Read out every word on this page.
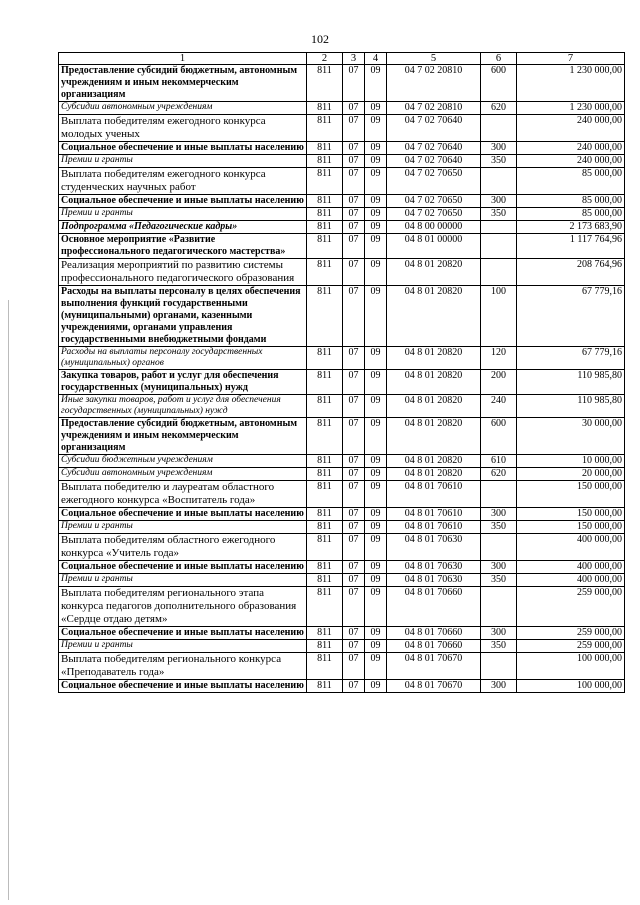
102
1	2	3	4	5	6	7
Предоставление субсидий бюджетным, автономным учреждениям и иным некоммерческим организациям	811	07	09	04 7 02 20810	600	1 230 000,00
Субсидии автономным учреждениям	811	07	09	04 7 02 20810	620	1 230 000,00
Выплата победителям ежегодного конкурса молодых ученых	811	07	09	04 7 02 70640		240 000,00
Социальное обеспечение и иные выплаты населению	811	07	09	04 7 02 70640	300	240 000,00
Премии и гранты	811	07	09	04 7 02 70640	350	240 000,00
Выплата победителям ежегодного конкурса студенческих научных работ	811	07	09	04 7 02 70650		85 000,00
Социальное обеспечение и иные выплаты населению	811	07	09	04 7 02 70650	300	85 000,00
Премии и гранты	811	07	09	04 7 02 70650	350	85 000,00
Подпрограмма «Педагогические кадры»	811	07	09	04 8 00 00000		2 173 683,90
Основное мероприятие «Развитие профессионального педагогического мастерства»	811	07	09	04 8 01 00000		1 117 764,96
Реализация мероприятий по развитию системы профессионального педагогического образования	811	07	09	04 8 01 20820		208 764,96
Расходы на выплаты персоналу в целях обеспечения выполнения функций государственными (муниципальными) органами, казенными учреждениями, органами управления государственными внебюджетными фондами	811	07	09	04 8 01 20820	100	67 779,16
Расходы на выплаты персоналу государственных (муниципальных) органов	811	07	09	04 8 01 20820	120	67 779,16
Закупка товаров, работ и услуг для обеспечения государственных (муниципальных) нужд	811	07	09	04 8 01 20820	200	110 985,80
Иные закупки товаров, работ и услуг для обеспечения государственных (муниципальных) нужд	811	07	09	04 8 01 20820	240	110 985,80
Предоставление субсидий бюджетным, автономным учреждениям и иным некоммерческим организациям	811	07	09	04 8 01 20820	600	30 000,00
Субсидии бюджетным учреждениям	811	07	09	04 8 01 20820	610	10 000,00
Субсидии автономным учреждениям	811	07	09	04 8 01 20820	620	20 000,00
Выплата победителю и лауреатам областного ежегодного конкурса «Воспитатель года»	811	07	09	04 8 01 70610		150 000,00
Социальное обеспечение и иные выплаты населению	811	07	09	04 8 01 70610	300	150 000,00
Премии и гранты	811	07	09	04 8 01 70610	350	150 000,00
Выплата победителям областного ежегодного конкурса «Учитель года»	811	07	09	04 8 01 70630		400 000,00
Социальное обеспечение и иные выплаты населению	811	07	09	04 8 01 70630	300	400 000,00
Премии и гранты	811	07	09	04 8 01 70630	350	400 000,00
Выплата победителям регионального этапа конкурса педагогов дополнительного образования «Сердце отдаю детям»	811	07	09	04 8 01 70660		259 000,00
Социальное обеспечение и иные выплаты населению	811	07	09	04 8 01 70660	300	259 000,00
Премии и гранты	811	07	09	04 8 01 70660	350	259 000,00
Выплата победителям регионального конкурса «Преподаватель года»	811	07	09	04 8 01 70670		100 000,00
Социальное обеспечение и иные выплаты населению	811	07	09	04 8 01 70670	300	100 000,00
